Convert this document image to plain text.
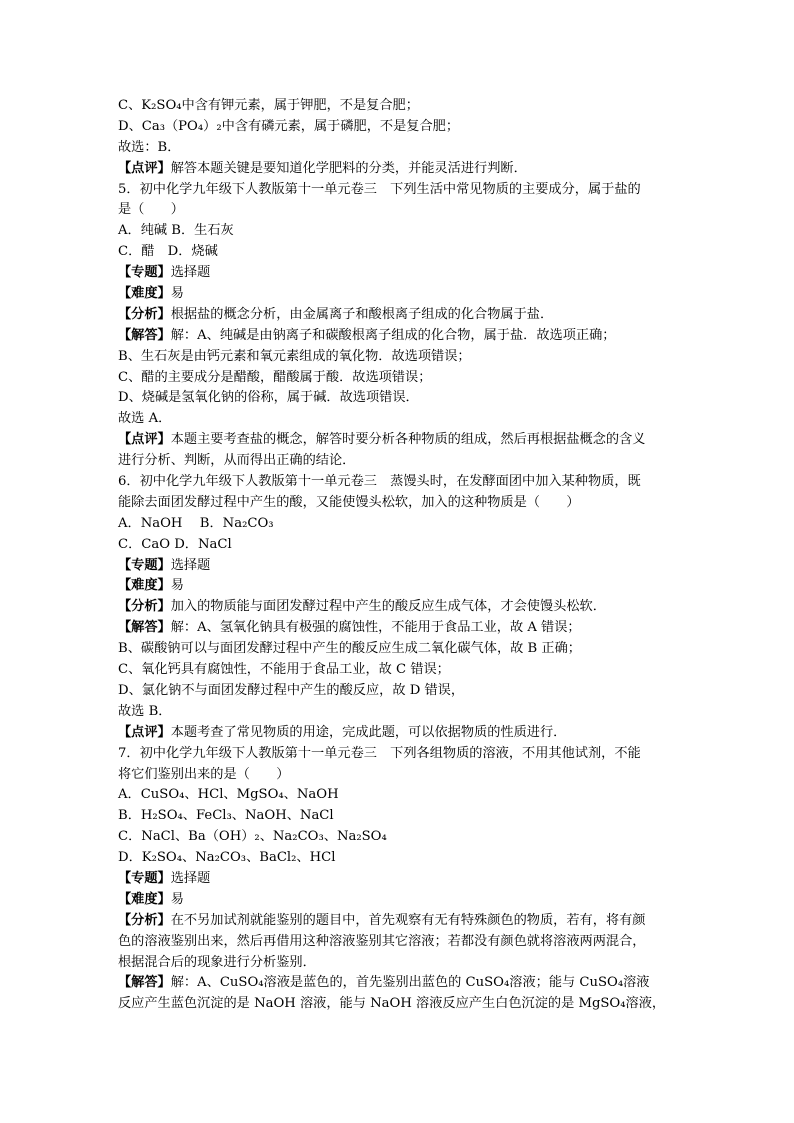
C、K₂SO₄中含有钾元素，属于钾肥，不是复合肥；
D、Ca₃（PO₄）₂中含有磷元素，属于磷肥，不是复合肥；
故选：B．
【点评】解答本题关键是要知道化学肥料的分类，并能灵活进行判断．
5．初中化学九年级下人教版第十一单元卷三　下列生活中常见物质的主要成分，属于盐的
是（　　）
A．纯碱 B．生石灰
C．醋　D．烧碱
【专题】选择题
【难度】易
【分析】根据盐的概念分析，由金属离子和酸根离子组成的化合物属于盐．
【解答】解：A、纯碱是由钠离子和碳酸根离子组成的化合物，属于盐．故选项正确；
B、生石灰是由钙元素和氧元素组成的氧化物．故选项错误；
C、醋的主要成分是醋酸，醋酸属于酸．故选项错误；
D、烧碱是氢氧化钠的俗称，属于碱．故选项错误．
故选 A．
【点评】本题主要考查盐的概念，解答时要分析各种物质的组成，然后再根据盐概念的含义
进行分析、判断，从而得出正确的结论．
6．初中化学九年级下人教版第十一单元卷三　蒸馒头时，在发酵面团中加入某种物质，既
能除去面团发酵过程中产生的酸，又能使馒头松软，加入的这种物质是（　　）
A．NaOH　 B．Na₂CO₃
C．CaO D．NaCl
【专题】选择题
【难度】易
【分析】加入的物质能与面团发酵过程中产生的酸反应生成气体，才会使馒头松软．
【解答】解：A、氢氧化钠具有极强的腐蚀性，不能用于食品工业，故 A 错误；
B、碳酸钠可以与面团发酵过程中产生的酸反应生成二氧化碳气体，故 B 正确；
C、氧化钙具有腐蚀性，不能用于食品工业，故 C 错误；
D、氯化钠不与面团发酵过程中产生的酸反应，故 D 错误，
故选 B．
【点评】本题考查了常见物质的用途，完成此题，可以依据物质的性质进行．
7．初中化学九年级下人教版第十一单元卷三　下列各组物质的溶液，不用其他试剂，不能
将它们鉴别出来的是（　　）
A．CuSO₄、HCl、MgSO₄、NaOH
B．H₂SO₄、FeCl₃、NaOH、NaCl
C．NaCl、Ba（OH）₂、Na₂CO₃、Na₂SO₄
D．K₂SO₄、Na₂CO₃、BaCl₂、HCl
【专题】选择题
【难度】易
【分析】在不另加试剂就能鉴别的题目中，首先观察有无有特殊颜色的物质，若有，将有颜
色的溶液鉴别出来，然后再借用这种溶液鉴别其它溶液；若都没有颜色就将溶液两两混合，
根据混合后的现象进行分析鉴别．
【解答】解：A、CuSO₄溶液是蓝色的，首先鉴别出蓝色的 CuSO₄溶液；能与 CuSO₄溶液
反应产生蓝色沉淀的是 NaOH 溶液，能与 NaOH 溶液反应产生白色沉淀的是 MgSO₄溶液，
